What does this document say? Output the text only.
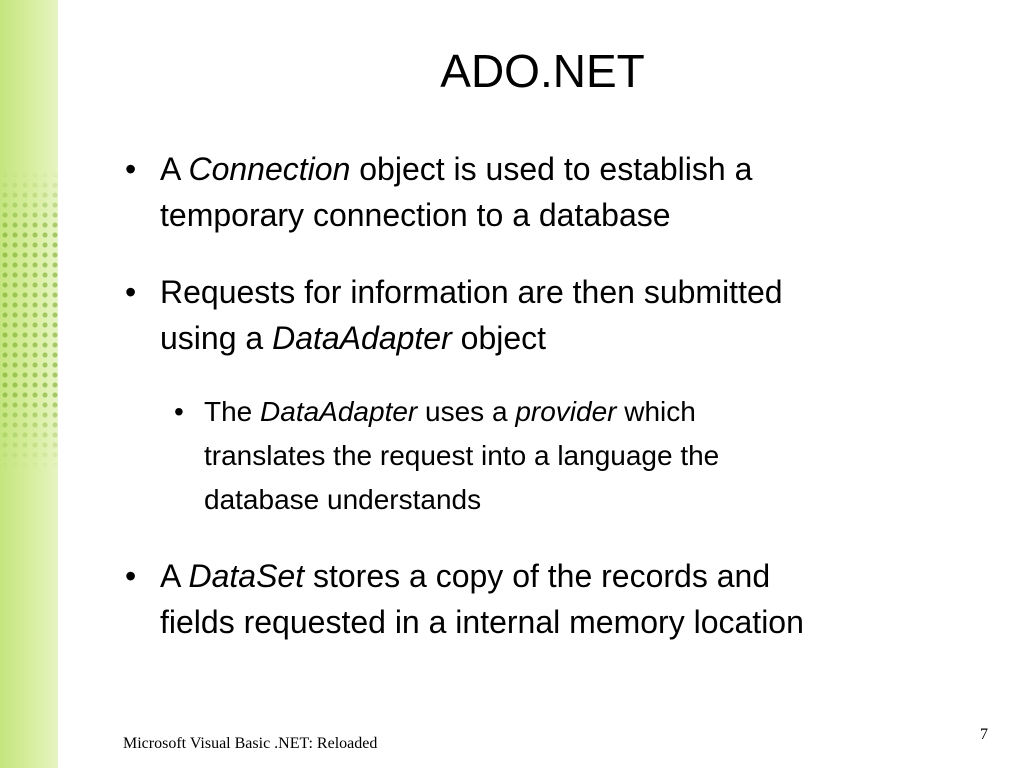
ADO.NET
• A Connection object is used to establish a
temporary connection to a database
• Requests for information are then submitted
using a DataAdapter object
• The DataAdapter uses a provider which
translates the request into a language the
database understands
• A DataSet stores a copy of the records and
fields requested in a internal memory location
Microsoft Visual Basic .NET: Reloaded
7
